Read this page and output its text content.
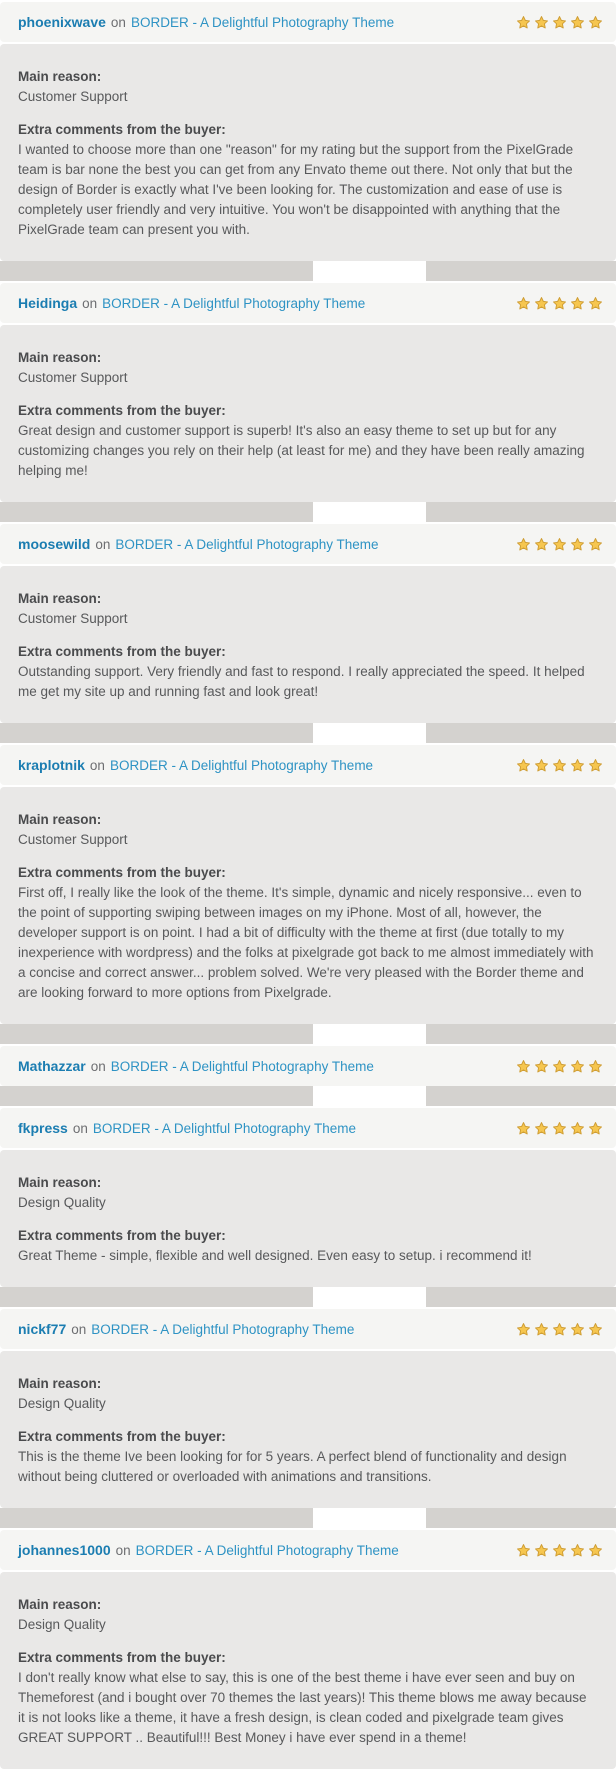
phoenixwave on BORDER - A Delightful Photography Theme
Main reason:
Customer Support
Extra comments from the buyer:
I wanted to choose more than one "reason" for my rating but the support from the PixelGrade team is bar none the best you can get from any Envato theme out there. Not only that but the design of Border is exactly what I've been looking for. The customization and ease of use is completely user friendly and very intuitive. You won't be disappointed with anything that the PixelGrade team can present you with.
Heidinga on BORDER - A Delightful Photography Theme
Main reason:
Customer Support
Extra comments from the buyer:
Great design and customer support is superb! It's also an easy theme to set up but for any customizing changes you rely on their help (at least for me) and they have been really amazing helping me!
moosewild on BORDER - A Delightful Photography Theme
Main reason:
Customer Support
Extra comments from the buyer:
Outstanding support. Very friendly and fast to respond. I really appreciated the speed. It helped me get my site up and running fast and look great!
kraplotnik on BORDER - A Delightful Photography Theme
Main reason:
Customer Support
Extra comments from the buyer:
First off, I really like the look of the theme. It's simple, dynamic and nicely responsive... even to the point of supporting swiping between images on my iPhone. Most of all, however, the developer support is on point. I had a bit of difficulty with the theme at first (due totally to my inexperience with wordpress) and the folks at pixelgrade got back to me almost immediately with a concise and correct answer... problem solved. We're very pleased with the Border theme and are looking forward to more options from Pixelgrade.
Mathazzar on BORDER - A Delightful Photography Theme
fkpress on BORDER - A Delightful Photography Theme
Main reason:
Design Quality
Extra comments from the buyer:
Great Theme - simple, flexible and well designed. Even easy to setup. i recommend it!
nickf77 on BORDER - A Delightful Photography Theme
Main reason:
Design Quality
Extra comments from the buyer:
This is the theme Ive been looking for for 5 years. A perfect blend of functionality and design without being cluttered or overloaded with animations and transitions.
johannes1000 on BORDER - A Delightful Photography Theme
Main reason:
Design Quality
Extra comments from the buyer:
I don't really know what else to say, this is one of the best theme i have ever seen and buy on Themeforest (and i bought over 70 themes the last years)! This theme blows me away because it is not looks like a theme, it have a fresh design, is clean coded and pixelgrade team gives GREAT SUPPORT .. Beautiful!!! Best Money i have ever spend in a theme!
